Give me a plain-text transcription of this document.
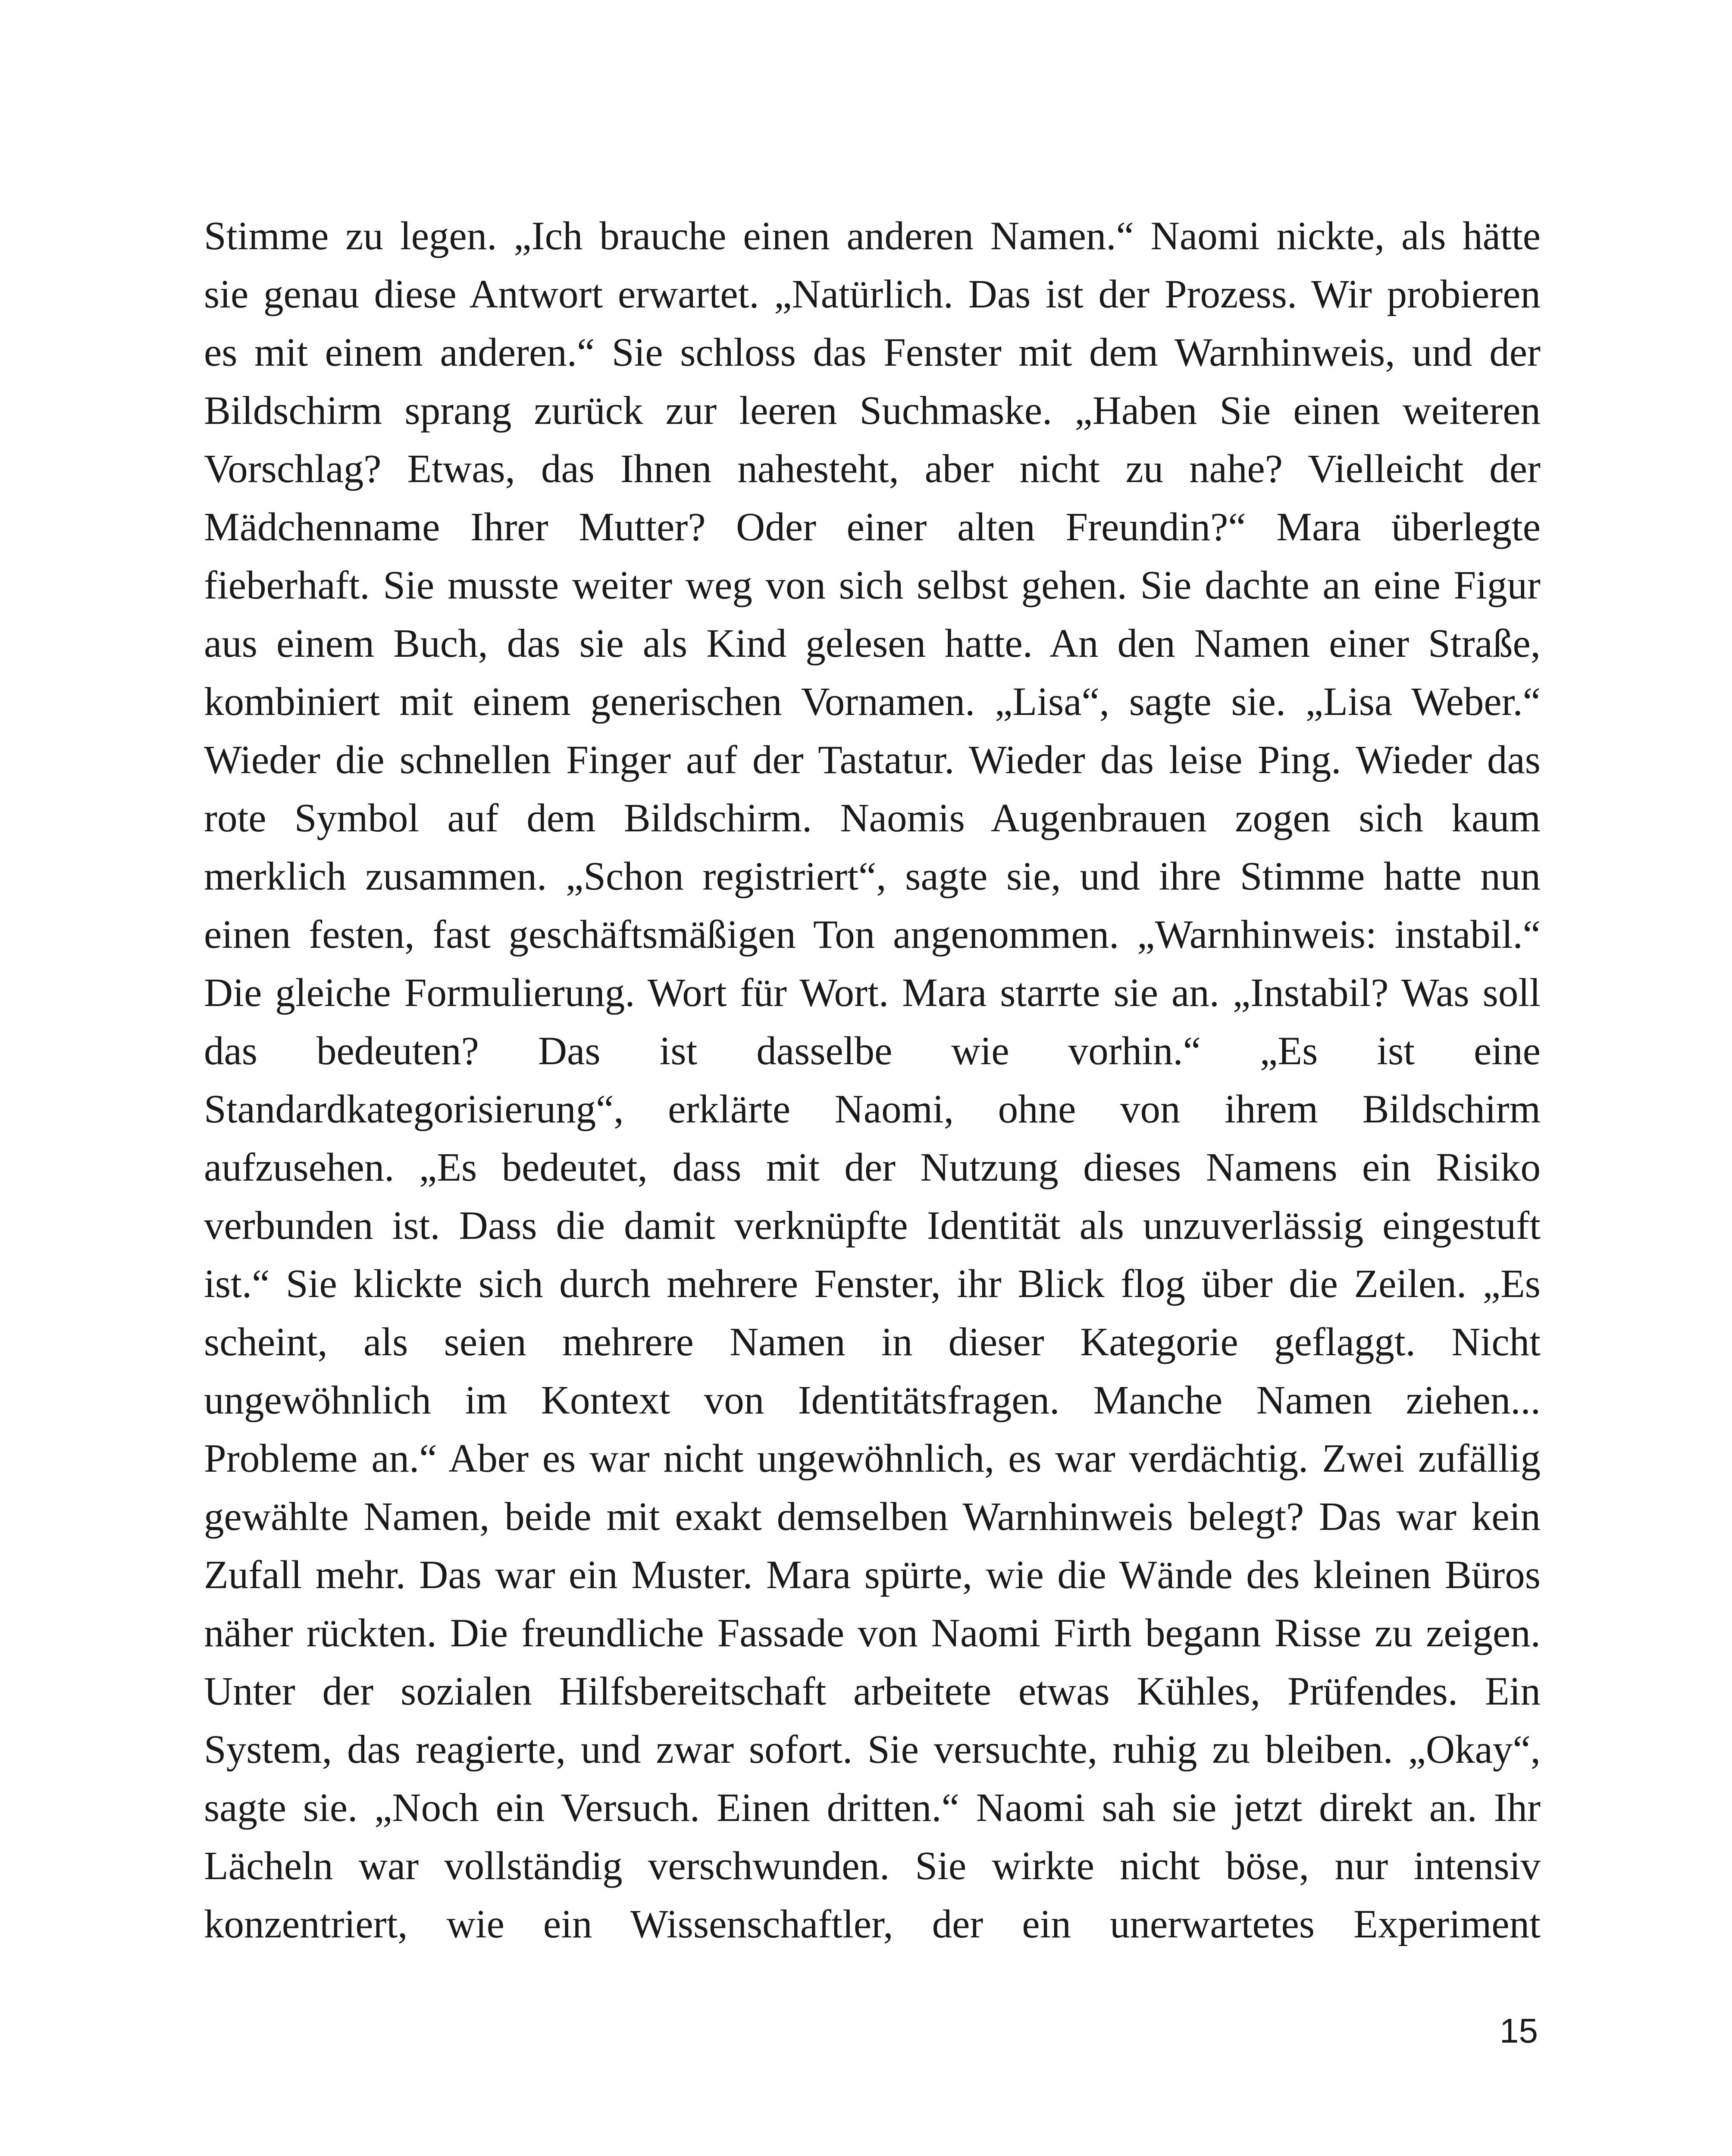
Stimme zu legen. „Ich brauche einen anderen Namen.“ Naomi nickte, als hätte
sie genau diese Antwort erwartet. „Natürlich. Das ist der Prozess. Wir probieren
es mit einem anderen.“ Sie schloss das Fenster mit dem Warnhinweis, und der
Bildschirm sprang zurück zur leeren Suchmaske. „Haben Sie einen weiteren
Vorschlag? Etwas, das Ihnen nahesteht, aber nicht zu nahe? Vielleicht der
Mädchenname Ihrer Mutter? Oder einer alten Freundin?“ Mara überlegte
fieberhaft. Sie musste weiter weg von sich selbst gehen. Sie dachte an eine Figur
aus einem Buch, das sie als Kind gelesen hatte. An den Namen einer Straße,
kombiniert mit einem generischen Vornamen. „Lisa“, sagte sie. „Lisa Weber.“
Wieder die schnellen Finger auf der Tastatur. Wieder das leise Ping. Wieder das
rote Symbol auf dem Bildschirm. Naomis Augenbrauen zogen sich kaum
merklich zusammen. „Schon registriert“, sagte sie, und ihre Stimme hatte nun
einen festen, fast geschäftsmäßigen Ton angenommen. „Warnhinweis: instabil.“
Die gleiche Formulierung. Wort für Wort. Mara starrte sie an. „Instabil? Was soll
das bedeuten? Das ist dasselbe wie vorhin.“ „Es ist eine
Standardkategorisierung“, erklärte Naomi, ohne von ihrem Bildschirm
aufzusehen. „Es bedeutet, dass mit der Nutzung dieses Namens ein Risiko
verbunden ist. Dass die damit verknüpfte Identität als unzuverlässig eingestuft
ist.“ Sie klickte sich durch mehrere Fenster, ihr Blick flog über die Zeilen. „Es
scheint, als seien mehrere Namen in dieser Kategorie geflaggt. Nicht
ungewöhnlich im Kontext von Identitätsfragen. Manche Namen ziehen...
Probleme an.“ Aber es war nicht ungewöhnlich, es war verdächtig. Zwei zufällig
gewählte Namen, beide mit exakt demselben Warnhinweis belegt? Das war kein
Zufall mehr. Das war ein Muster. Mara spürte, wie die Wände des kleinen Büros
näher rückten. Die freundliche Fassade von Naomi Firth begann Risse zu zeigen.
Unter der sozialen Hilfsbereitschaft arbeitete etwas Kühles, Prüfendes. Ein
System, das reagierte, und zwar sofort. Sie versuchte, ruhig zu bleiben. „Okay“,
sagte sie. „Noch ein Versuch. Einen dritten.“ Naomi sah sie jetzt direkt an. Ihr
Lächeln war vollständig verschwunden. Sie wirkte nicht böse, nur intensiv
konzentriert, wie ein Wissenschaftler, der ein unerwartetes Experiment
15
